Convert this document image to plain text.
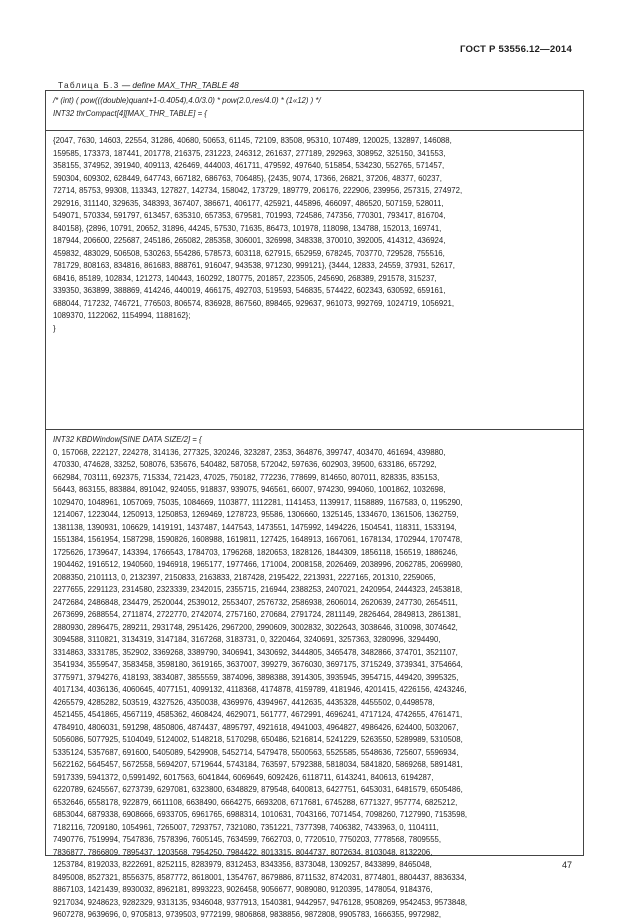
ГОСТ Р 53556.12—2014
Таблица Б.3 — define MAX_THR_TABLE 48
/* (int) ( pow(((double)quant+1-0.4054),4.0/3.0) * pow(2.0,res/4.0) * (1«12) ) */
INT32 thrCompact[4][MAX_THR_TABLE] = {
{2047, 7630, 14603, 22554, 31286, 40680, 50653, 61145, 72109, 83508, 95310, 107489, 120025, 132897, 146088,
159585, 173373, 187441, 201778, 216375, 231223, 246312, 261637, 277189, 292963, 308952, 325150, 341553,
358155, 374952, 391940, 409113, 426469, 444003, 461711, 479592, 497640, 515854, 534230, 552765, 571457,
590304, 609302, 628449, 647743, 667182, 686763, 706485}, {2435, 9074, 17366, 26821, 37206, 48377, 60237,
72714, 85753, 99308, 113343, 127827, 142734, 158042, 173729, 189779, 206176, 222906, 239956, 257315, 274972,
292916, 311140, 329635, 348393, 367407, 386671, 406177, 425921, 445896, 466097, 486520, 507159, 528011,
549071, 570334, 591797, 613457, 635310, 657353, 679581, 701993, 724586, 747356, 770301, 793417, 816704,
840158}, {2896, 10791, 20652, 31896, 44245, 57530, 71635, 86473, 101978, 118098, 134788, 152013, 169741,
187944, 206600, 225687, 245186, 265082, 285358, 306001, 326998, 348338, 370010, 392005, 414312, 436924,
459832, 483029, 506508, 530263, 554286, 578573, 603118, 627915, 652959, 678245, 703770, 729528, 755516,
781729, 808163, 834816, 861683, 888761, 916047, 943538, 971230, 999121}, {3444, 12833, 24559, 37931, 52617,
68416, 85189, 102834, 121273, 140443, 160292, 180775, 201857, 223505, 245690, 268389, 291578, 315237,
339350, 363899, 388869, 414246, 440019, 466175, 492703, 519593, 546835, 574422, 602343, 630592, 659161,
688044, 717232, 746721, 776503, 806574, 836928, 867560, 898465, 929637, 961073, 992769, 1024719, 1056921,
1089370, 1122062, 1154994, 1188162};
}
INT32 KBDWindow[SINE DATA SIZE/2] = {
0, 157068, 222127, 224278, 314136, 277325, 320246, 323287, 2353, 364876, 399747, 403470, 461694, 439880,
470330, 474628, 33252, 508076, 535676, 540482, 587058, 572042, 597636, 602903, 39500, 633186, 657292,
662984, 703111, 692375, 715334, 721423, 47025, 750182, 772236, 778699, 814650, 807011, 828335, 835153,
56443, 863155, 883884, 891042, 924055, 918837, 939075, 946561, 66007, 974230, 994060, 1001862, 1032698,
1029470, 1048961, 1057069, 75035, 1084669, 1103877, 1112281, 1141453, 1139917, 1158889, 1167583, 0, 1195290,
1214067, 1223044, 1250913, 1250853, 1269469, 1278723, 95586, 1306660, 1325145, 1334670, 1361506, 1362759,
1381138, 1390931, 106629, 1419191, 1437487, 1447543, 1473551, 1475992, 1494226, 1504541, 118311, 1533194,
1551384, 1561954, 1587298, 1590826, 1608988, 1619811, 127425, 1648913, 1667061, 1678134, 1702944, 1707478,
1725626, 1739647, 143394, 1766543, 1784703, 1796268, 1820653, 1828126, 1844309, 1856118, 156519, 1886246,
1904462, 1916512, 1940560, 1946918, 1965177, 1977466, 171004, 2008158, 2026469, 2038996, 2062785, 2069980,
2088350, 2101113, 0, 2132397, 2150833, 2163833, 2187428, 2195422, 2213931, 2227165, 201310, 2259065,
2277655, 2291123, 2314580, 2323339, 2342015, 2355715, 216944, 2388253, 2407021, 2420954, 2444323, 2453818,
2472684, 2486848, 234479, 2520044, 2539012, 2553407, 2576732, 2586938, 2606014, 2620639, 247730, 2654511,
2673699, 2688554, 2711874, 2722770, 2742074, 2757160, 270684, 2791724, 2811149, 2826464, 2849813, 2861381,
2880930, 2896475, 289211, 2931748, 2951426, 2967200, 2990609, 3002832, 3022643, 3038646, 310098, 3074642,
3094588, 3110821, 3134319, 3147184, 3167268, 3183731, 0, 3220464, 3240691, 3257363, 3280996, 3294490,
3314863, 3331785, 352902, 3369268, 3389790, 3406941, 3430692, 3444805, 3465478, 3482866, 374701, 3521107,
3541934, 3559547, 3583458, 3598180, 3619165, 3637007, 399279, 3676030, 3697175, 3715249, 3739341, 3754664,
3775971, 3794276, 418193, 3834087, 3855559, 3874096, 3898388, 3914305, 3935945, 3954715, 449420, 3995325,
4017134, 4036136, 4060645, 4077151, 4099132, 4118368, 4174878, 4159789, 4181946, 4201415, 4226156, 4243246,
4265579, 4285282, 503519, 4327526, 4350038, 4369976, 4394967, 4412635, 4435328, 4455502, 0,4498578,
4521455, 4541865, 4567119, 4585362, 4608424, 4629071, 561777, 4672991, 4696241, 4717124, 4742655, 4761471,
4784910, 4806031, 591298, 4850806, 4874437, 4895797, 4921618, 4941003, 4964827, 4986426, 624400, 5032067,
5056086, 5077925, 5104049, 5124002, 5148218, 5170298, 650486, 5216814, 5241229, 5263550, 5289989, 5310508,
5335124, 5357687, 691600, 5405089, 5429908, 5452714, 5479478, 5500563, 5525585, 5548636, 725607, 5596934,
5622162, 5645457, 5672558, 5694207, 5719644, 5743184, 763597, 5792388, 5818034, 5841820, 5869268, 5891481,
5917339, 5941372, 0,5991492, 6017563, 6041844, 6069649, 6092426, 6118711, 6143241, 840613, 6194287,
6220789, 6245567, 6273739, 6297081, 6323800, 6348829, 879548, 6400813, 6427751, 6453031, 6481579, 6505486,
6532646, 6558178, 922879, 6611108, 6638490, 6664275, 6693208, 6717681, 6745288, 6771327, 957774, 6825212,
6853044, 6879338, 6908666, 6933705, 6961765, 6988314, 1010631, 7043166, 7071454, 7098260, 7127990, 7153598,
7182116, 7209180, 1054961, 7265007, 7293757, 7321080, 7351221, 7377398, 7406382, 7433963, 0, 1104111,
7490776, 7519994, 7547836, 7578396, 7605145, 7634599, 7662703, 0, 7720510, 7750203, 7778568, 7809555,
7836877, 7866809, 7895437, 1203568, 7954250, 7984422, 8013315, 8044737, 8072634, 8103048, 8132206,
1253784, 8192033, 8222691, 8252115, 8283979, 8312453, 8343356, 8373048, 1309257, 8433899, 8465048,
8495008, 8527321, 8556375, 8587772, 8618001, 1354767, 8679886, 8711532, 8742031, 8774801, 8804437, 8836334,
8867103, 1421439, 8930032, 8962181, 8993223, 9026458, 9056677, 9089080, 9120395, 1478054, 9184376,
9217034, 9248623, 9282329, 9313135, 9346048, 9377913, 1540381, 9442957, 9476128, 9508269, 9542453, 9573848,
9607278, 9639696, 0, 9705813, 9739503, 9772199, 9806868, 9838856, 9872808, 9905783, 1666355, 9972982,
47
